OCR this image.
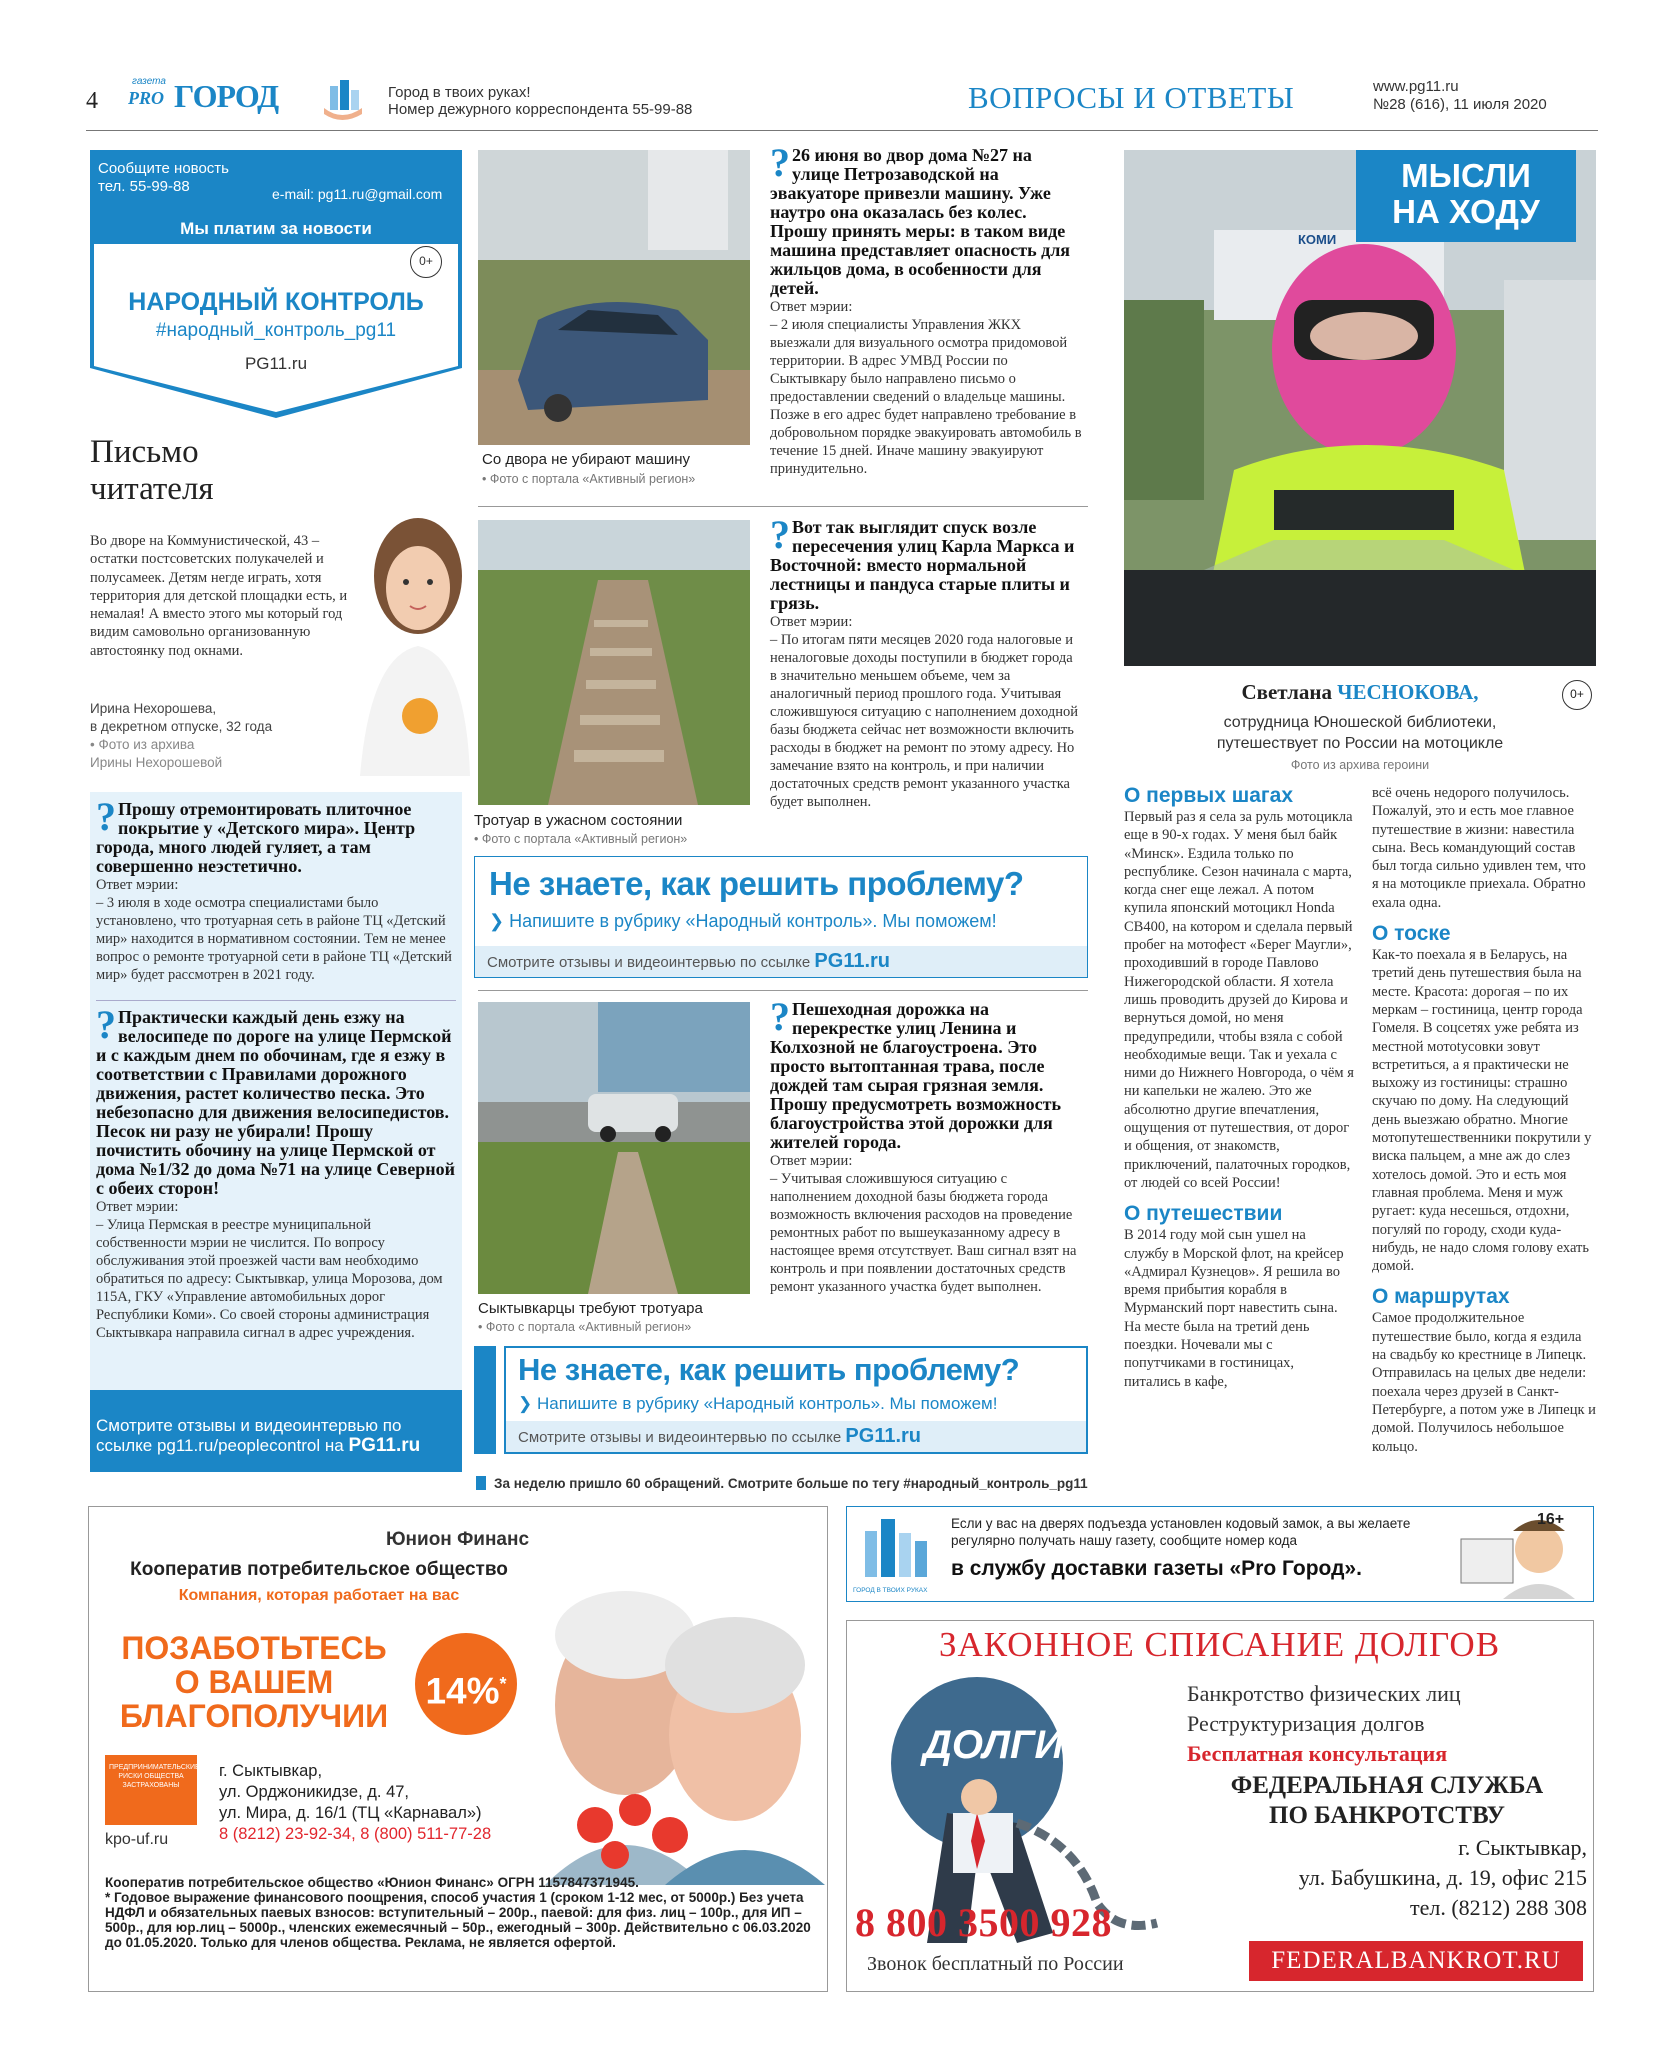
4
газета
PRO ГОРОД	Город в твоих руках!
Номер дежурного корреспондента 55-99-88	ВОПРОСЫ И ОТВЕТЫ	www.pg11.ru
№28 (616), 11 июля 2020
Сообщите новость
тел. 55-99-88	e-mail: pg11.ru@gmail.com
Мы платим за новости
0+
НАРОДНЫЙ КОНТРОЛЬ
#народный_контроль_pg11
PG11.ru
Письмо
читателя
Во дворе на Коммунистической, 43 – остатки постсоветских полукачелей и полусамеек. Детям негде играть, хотя территория для детской площадки есть, и немалая! А вместо этого мы который год видим самовольно организованную автостоянку под окнами.
Ирина Нехорошева,
в декретном отпуске, 32 года
• Фото из архива
Ирины Нехорошевой
? Прошу отремонтировать плиточное покрытие у «Детского мира». Центр города, много людей гуляет, а там совершенно неэстетично.
Ответ мэрии:
– 3 июля в ходе осмотра специалистами было установлено, что тротуарная сеть в районе ТЦ «Детский мир» находится в нормативном состоянии. Тем не менее вопрос о ремонте тротуарной сети в районе ТЦ «Детский мир» будет рассмотрен в 2021 году.
? Практически каждый день езжу на велосипеде по дороге на улице Пермской и с каждым днем по обочинам, где я езжу в соответствии с Правилами дорожного движения, растет количество песка. Это небезопасно для движения велосипедистов. Песок ни разу не убирали! Прошу почистить обочину на улице Пермской от дома №1/32 до дома №71 на улице Северной с обеих сторон!
Ответ мэрии:
– Улица Пермская в реестре муниципальной собственности мэрии не числится. По вопросу обслуживания этой проезжей части вам необходимо обратиться по адресу: Сыктывкар, улица Морозова, дом 115А, ГКУ «Управление автомобильных дорог Республики Коми». Со своей стороны администрация Сыктывкара направила сигнал в адрес учреждения.
Смотрите отзывы и видеоинтервью по ссылке pg11.ru/peoplecontrol на PG11.ru
Со двора не убирают машину
• Фото с портала «Активный регион»
? 26 июня во двор дома №27 на улице Петрозаводской на эвакуаторе привезли машину. Уже наутро она оказалась без колес. Прошу принять меры: в таком виде машина представляет опасность для жильцов дома, в особенности для детей.
Ответ мэрии:
– 2 июля специалисты Управления ЖКХ выезжали для визуального осмотра придомовой территории. В адрес УМВД России по Сыктывкару было направлено письмо о предоставлении сведений о владельце машины. Позже в его адрес будет направлено требование в добровольном порядке эвакуировать автомобиль в течение 15 дней. Иначе машину эвакуируют принудительно.
Тротуар в ужасном состоянии
• Фото с портала «Активный регион»
? Вот так выглядит спуск возле пересечения улиц Карла Маркса и Восточной: вместо нормальной лестницы и пандуса старые плиты и грязь.
Ответ мэрии:
– По итогам пяти месяцев 2020 года налоговые и неналоговые доходы поступили в бюджет города в значительно меньшем объеме, чем за аналогичный период прошлого года. Учитывая сложившуюся ситуацию с наполнением доходной базы бюджета сейчас нет возможности включить расходы в бюджет на ремонт по этому адресу. Но замечание взято на контроль, и при наличии достаточных средств ремонт указанного участка будет выполнен.
Не знаете, как решить проблему?
❯ Напишите в рубрику «Народный контроль». Мы поможем!
Смотрите отзывы и видеоинтервью по ссылке PG11.ru
Сыктывкарцы требуют тротуара
• Фото с портала «Активный регион»
? Пешеходная дорожка на перекрестке улиц Ленина и Колхозной не благоустроена. Это просто вытоптанная трава, после дождей там сырая грязная земля. Прошу предусмотреть возможность благоустройства этой дорожки для жителей города.
Ответ мэрии:
– Учитывая сложившуюся ситуацию с наполнением доходной базы бюджета города возможность включения расходов на проведение ремонтных работ по вышеуказанному адресу в настоящее время отсутствует. Ваш сигнал взят на контроль и при появлении достаточных средств ремонт указанного участка будет выполнен.
Не знаете, как решить проблему?
❯ Напишите в рубрику «Народный контроль». Мы поможем!
Смотрите отзывы и видеоинтервью по ссылке PG11.ru
За неделю пришло 60 обращений. Смотрите больше по тегу #народный_контроль_pg11
МЫСЛИ
НА ХОДУ
КОМИ
Светлана ЧЕСНОКОВА,	0+
сотрудница Юношеской библиотеки,
путешествует по России на мотоцикле
Фото из архива героини
О первых шагах
Первый раз я села за руль мотоцикла еще в 90-х годах. У меня был байк «Минск». Ездила только по республике. Сезон начинала с марта, когда снег еще лежал. А потом купила японский мотоцикл Honda CB400, на котором и сделала первый пробег на мотофест «Берег Маугли», проходивший в городе Павлово Нижегородской области. Я хотела лишь проводить друзей до Кирова и вернуться домой, но меня предупредили, чтобы взяла с собой необходимые вещи. Так и уехала с ними до Нижнего Новгорода, о чём я ни капельки не жалею. Это же абсолютно другие впечатления, ощущения от путешествия, от дорог и общения, от знакомств, приключений, палаточных городков, от людей со всей России!
О путешествии
В 2014 году мой сын ушел на службу в Морской флот, на крейсер «Адмирал Кузнецов». Я решила во время прибытия корабля в Мурманский порт навестить сына. На месте была на третий день поездки. Ночевали мы с попутчиками в гостиницах, питались в кафе,
всё очень недорого получилось. Пожалуй, это и есть мое главное путешествие в жизни: навестила сына. Весь командующий состав был тогда сильно удивлен тем, что я на мотоцикле приехала. Обратно ехала одна.
О тоске
Как-то поехала я в Беларусь, на третий день путешествия была на месте. Красота: дорогая – по их меркам – гостиница, центр города Гомеля. В соцсетях уже ребята из местной мотоtусовки зовут встретиться, а я практически не выхожу из гостиницы: страшно скучаю по дому. На следующий день выезжаю обратно. Многие мотопутешественники покрутили у виска пальцем, а мне аж до слез хотелось домой. Это и есть моя главная проблема. Меня и муж ругает: куда несешься, отдохни, погуляй по городу, сходи куда-нибудь, не надо сломя голову ехать домой.
О маршрутах
Самое продолжительное путешествие было, когда я ездила на свадьбу ко крестнице в Липецк. Отправилась на целых две недели: поехала через друзей в Санкт-Петербурге, а потом уже в Липецк и домой. Получилось небольшое кольцо.
Юнион Финанс
Кооператив потребительское общество
Компания, которая работает на вас
ПОЗАБОТЬТЕСЬ
О ВАШЕМ
БЛАГОПОЛУЧИИ
14%*
ПРЕДПРИНИМАТЕЛЬСКИЕ РИСКИ ОБЩЕСТВА ЗАСТРАХОВАНЫ
kpo-uf.ru
г. Сыктывкар,
ул. Орджоникидзе, д. 47,
ул. Мира, д. 16/1 (ТЦ «Карнавал»)
8 (8212) 23-92-34, 8 (800) 511-77-28
Кооператив потребительское общество «Юнион Финанс» ОГРН 1157847371945.
* Годовое выражение финансового поощрения, способ участия 1 (сроком 1-12 мес, от 5000р.) Без учета НДФЛ и обязательных паевых взносов: вступительный – 200р., паевой: для физ. лиц – 100р., для ИП – 500р., для юр.лиц – 5000р., членских ежемесячный – 50р., ежегодный – 300р. Действительно с 06.03.2020 до 01.05.2020. Только для членов общества. Реклама, не является офертой.
ГОРОД В ТВОИХ РУКАХ
Если у вас на дверях подъезда установлен кодовый замок, а вы желаете
регулярно получать нашу газету, сообщите номер кода
в службу доставки газеты «Pro Город».
16+
ЗАКОННОЕ СПИСАНИЕ ДОЛГОВ
ДОЛГИ
Банкротство физических лиц
Реструктуризация долгов
Бесплатная консультация
ФЕДЕРАЛЬНАЯ СЛУЖБА
ПО БАНКРОТСТВУ
г. Сыктывкар,
ул. Бабушкина, д. 19, офис 215
тел. (8212) 288 308
8 800 3500 928
Звонок бесплатный по России	FEDERALBANKROT.RU
